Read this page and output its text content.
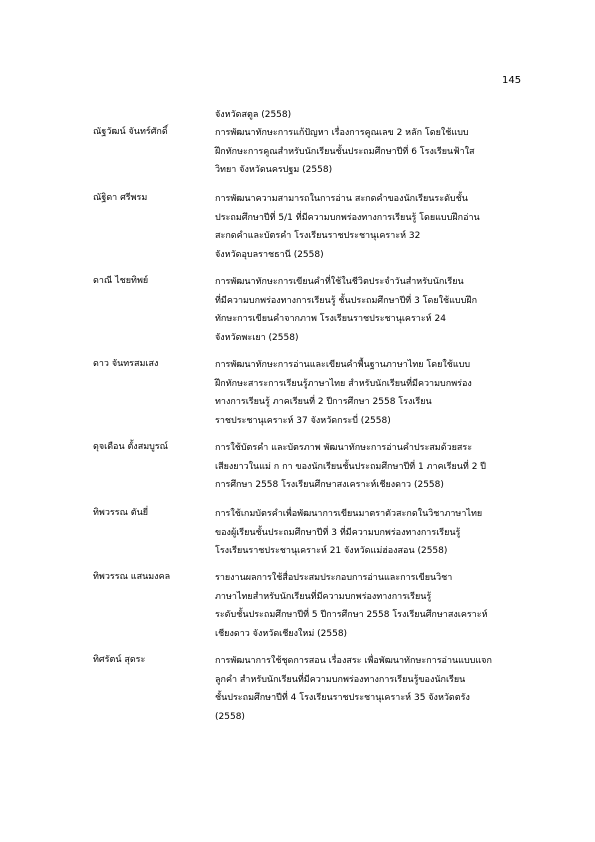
145
จังหวัดสตูล (2558)
ณัฐวัฒน์ จันทร์ศักดิ์	การพัฒนาทักษะการแก้ปัญหา เรื่องการคูณเลข 2 หลัก โดยใช้แบบ
ฝึกทักษะการคูณสำหรับนักเรียนชั้นประถมศึกษาปีที่ 6 โรงเรียนฟ้าใส
วิทยา จังหวัดนครปฐม (2558)
ณัฐิดา ศรีพรม	การพัฒนาความสามารถในการอ่าน สะกดคำของนักเรียนระดับชั้น
ประถมศึกษาปีที่ 5/1 ที่มีความบกพร่องทางการเรียนรู้ โดยแบบฝึกอ่าน
สะกดคำและบัตรคำ โรงเรียนราชประชานุเคราะห์ 32
จังหวัดอุบลราชธานี (2558)
ดาณี ไชยทิพย์	การพัฒนาทักษะการเขียนคำที่ใช้ในชีวิตประจำวันสำหรับนักเรียน
ที่มีความบกพร่องทางการเรียนรู้ ชั้นประถมศึกษาปีที่ 3 โดยใช้แบบฝึก
ทักษะการเขียนคำจากภาพ โรงเรียนราชประชานุเคราะห์ 24
จังหวัดพะเยา (2558)
ดาว จันทรสมเสง	การพัฒนาทักษะการอ่านและเขียนคำพื้นฐานภาษาไทย โดยใช้แบบ
ฝึกทักษะสาระการเรียนรู้ภาษาไทย สำหรับนักเรียนที่มีความบกพร่อง
ทางการเรียนรู้ ภาคเรียนที่ 2 ปีการศึกษา 2558 โรงเรียน
ราชประชานุเคราะห์ 37 จังหวัดกระบี่ (2558)
ดุจเดือน ตั้งสมบูรณ์	การใช้บัตรคำ และบัตรภาพ พัฒนาทักษะการอ่านคำประสมด้วยสระ
เสียงยาวในแม่ ก กา ของนักเรียนชั้นประถมศึกษาปีที่ 1 ภาคเรียนที่ 2 ปี
การศึกษา 2558 โรงเรียนศึกษาสงเคราะห์เชียงดาว (2558)
ทิพวรรณ ตันยี่	การใช้เกมบัตรคำเพื่อพัฒนาการเขียนมาตราตัวสะกดในวิชาภาษาไทย
ของผู้เรียนชั้นประถมศึกษาปีที่ 3 ที่มีความบกพร่องทางการเรียนรู้
โรงเรียนราชประชานุเคราะห์ 21 จังหวัดแม่ฮ่องสอน (2558)
ทิพวรรณ แสนมงคล	รายงานผลการใช้สื่อประสมประกอบการอ่านและการเขียนวิชา
ภาษาไทยสำหรับนักเรียนที่มีความบกพร่องทางการเรียนรู้
ระดับชั้นประถมศึกษาปีที่ 5 ปีการศึกษา 2558 โรงเรียนศึกษาสงเคราะห์
เชียงดาว จังหวัดเชียงใหม่ (2558)
ทิศรัตน์ สุดระ	การพัฒนาการใช้ชุดการสอน เรื่องสระ เพื่อพัฒนาทักษะการอ่านแบบแจก
ลูกคำ สำหรับนักเรียนที่มีความบกพร่องทางการเรียนรู้ของนักเรียน
ชั้นประถมศึกษาปีที่ 4 โรงเรียนราชประชานุเคราะห์ 35 จังหวัดตรัง
(2558)
